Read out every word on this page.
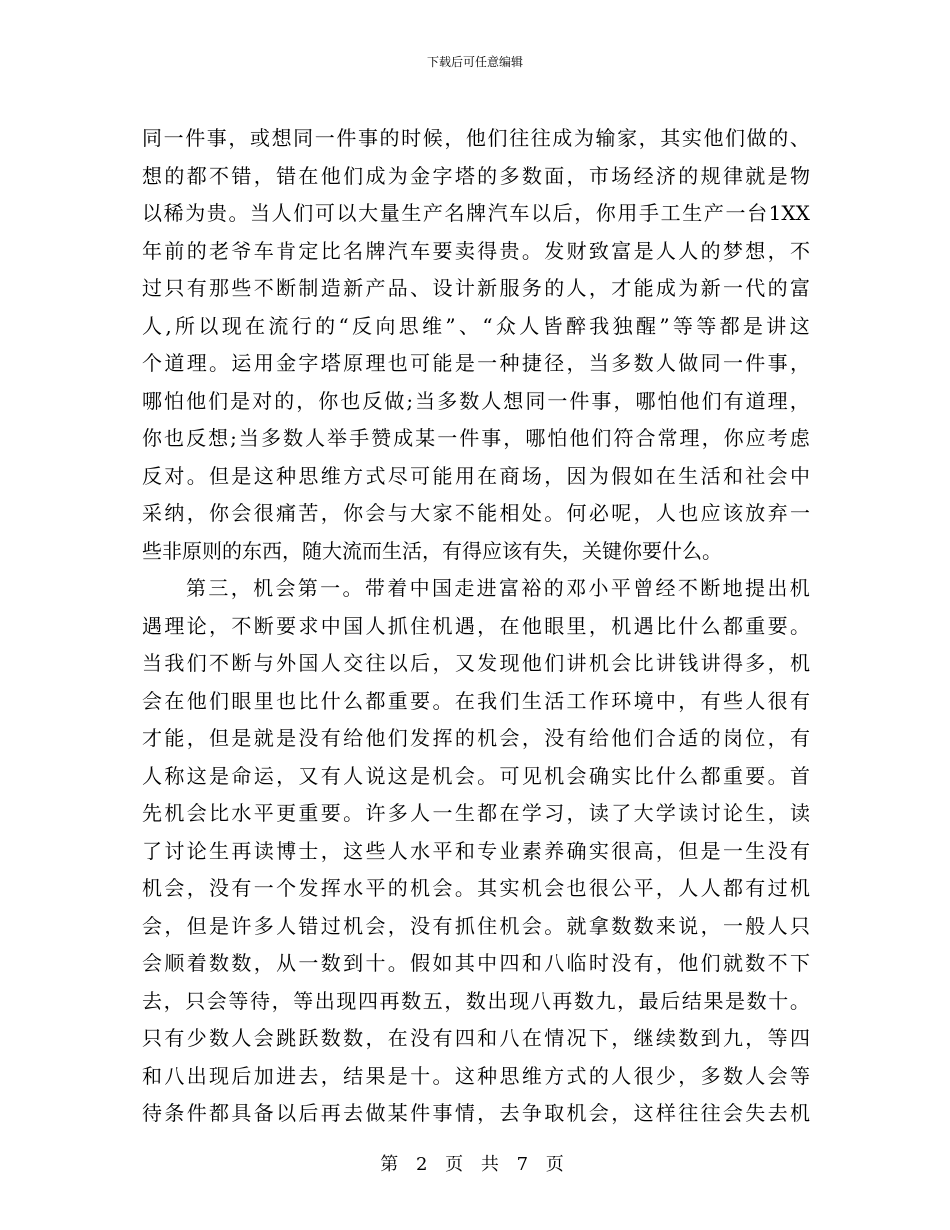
下载后可任意编辑
同 一 件 事 ， 或 想 同 一 件 事 的 时 候 ， 他 们 往 往 成 为 输 家 ， 其 实 他 们 做 的 、
想 的 都 不 错 ， 错 在 他 们 成 为 金 字 塔 的 多 数 面 ， 市 场 经 济 的 规 律 就 是 物
以 稀 为 贵 。 当 人 们 可 以 大 量 生 产 名 牌 汽 车 以 后 ， 你 用 手 工 生 产 一 台 1XX
年 前 的 老 爷 车 肯 定 比 名 牌 汽 车 要 卖 得 贵 。 发 财 致 富 是 人 人 的 梦 想 ， 不
过 只 有 那 些 不 断 制 造 新 产 品 、 设 计 新 服 务 的 人 ， 才 能 成 为 新 一 代 的 富
人 , 所 以 现 在 流 行 的 “ 反 向 思 维 ” 、 “ 众 人 皆 醉 我 独 醒 ” 等 等 都 是 讲 这
个 道 理 。 运 用 金 字 塔 原 理 也 可 能 是 一 种 捷 径 ， 当 多 数 人 做 同 一 件 事 ，
哪 怕 他 们 是 对 的 ， 你 也 反 做 ; 当 多 数 人 想 同 一 件 事 ， 哪 怕 他 们 有 道 理 ，
你 也 反 想 ; 当 多 数 人 举 手 赞 成 某 一 件 事 ， 哪 怕 他 们 符 合 常 理 ， 你 应 考 虑
反 对 。 但 是 这 种 思 维 方 式 尽 可 能 用 在 商 场 ， 因 为 假 如 在 生 活 和 社 会 中
采 纳 ， 你 会 很 痛 苦 ， 你 会 与 大 家 不 能 相 处 。 何 必 呢 ， 人 也 应 该 放 弃 一
些非原则的东西，随大流而生活，有得应该有失，关键你要什么。
第 三 ， 机 会 第 一 。 带 着 中 国 走 进 富 裕 的 邓 小 平 曾 经 不 断 地 提 出 机
遇 理 论 ， 不 断 要 求 中 国 人 抓 住 机 遇 ， 在 他 眼 里 ， 机 遇 比 什 么 都 重 要 。
当 我 们 不 断 与 外 国 人 交 往 以 后 ， 又 发 现 他 们 讲 机 会 比 讲 钱 讲 得 多 ， 机
会 在 他 们 眼 里 也 比 什 么 都 重 要 。 在 我 们 生 活 工 作 环 境 中 ， 有 些 人 很 有
才 能 ， 但 是 就 是 没 有 给 他 们 发 挥 的 机 会 ， 没 有 给 他 们 合 适 的 岗 位 ， 有
人 称 这 是 命 运 ， 又 有 人 说 这 是 机 会 。 可 见 机 会 确 实 比 什 么 都 重 要 。 首
先 机 会 比 水 平 更 重 要 。 许 多 人 一 生 都 在 学 习 ， 读 了 大 学 读 讨 论 生 ， 读
了 讨 论 生 再 读 博 士 ， 这 些 人 水 平 和 专 业 素 养 确 实 很 高 ， 但 是 一 生 没 有
机 会 ， 没 有 一 个 发 挥 水 平 的 机 会 。 其 实 机 会 也 很 公 平 ， 人 人 都 有 过 机
会 ， 但 是 许 多 人 错 过 机 会 ， 没 有 抓 住 机 会 。 就 拿 数 数 来 说 ， 一 般 人 只
会 顺 着 数 数 ， 从 一 数 到 十 。 假 如 其 中 四 和 八 临 时 没 有 ， 他 们 就 数 不 下
去 ， 只 会 等 待 ， 等 出 现 四 再 数 五 ， 数 出 现 八 再 数 九 ， 最 后 结 果 是 数 十 。
只 有 少 数 人 会 跳 跃 数 数 ， 在 没 有 四 和 八 在 情 况 下 ， 继 续 数 到 九 ， 等 四
和 八 出 现 后 加 进 去 ， 结 果 是 十 。 这 种 思 维 方 式 的 人 很 少 ， 多 数 人 会 等
待 条 件 都 具 备 以 后 再 去 做 某 件 事 情 ， 去 争 取 机 会 ， 这 样 往 往 会 失 去 机
第 2 页 共 7 页
